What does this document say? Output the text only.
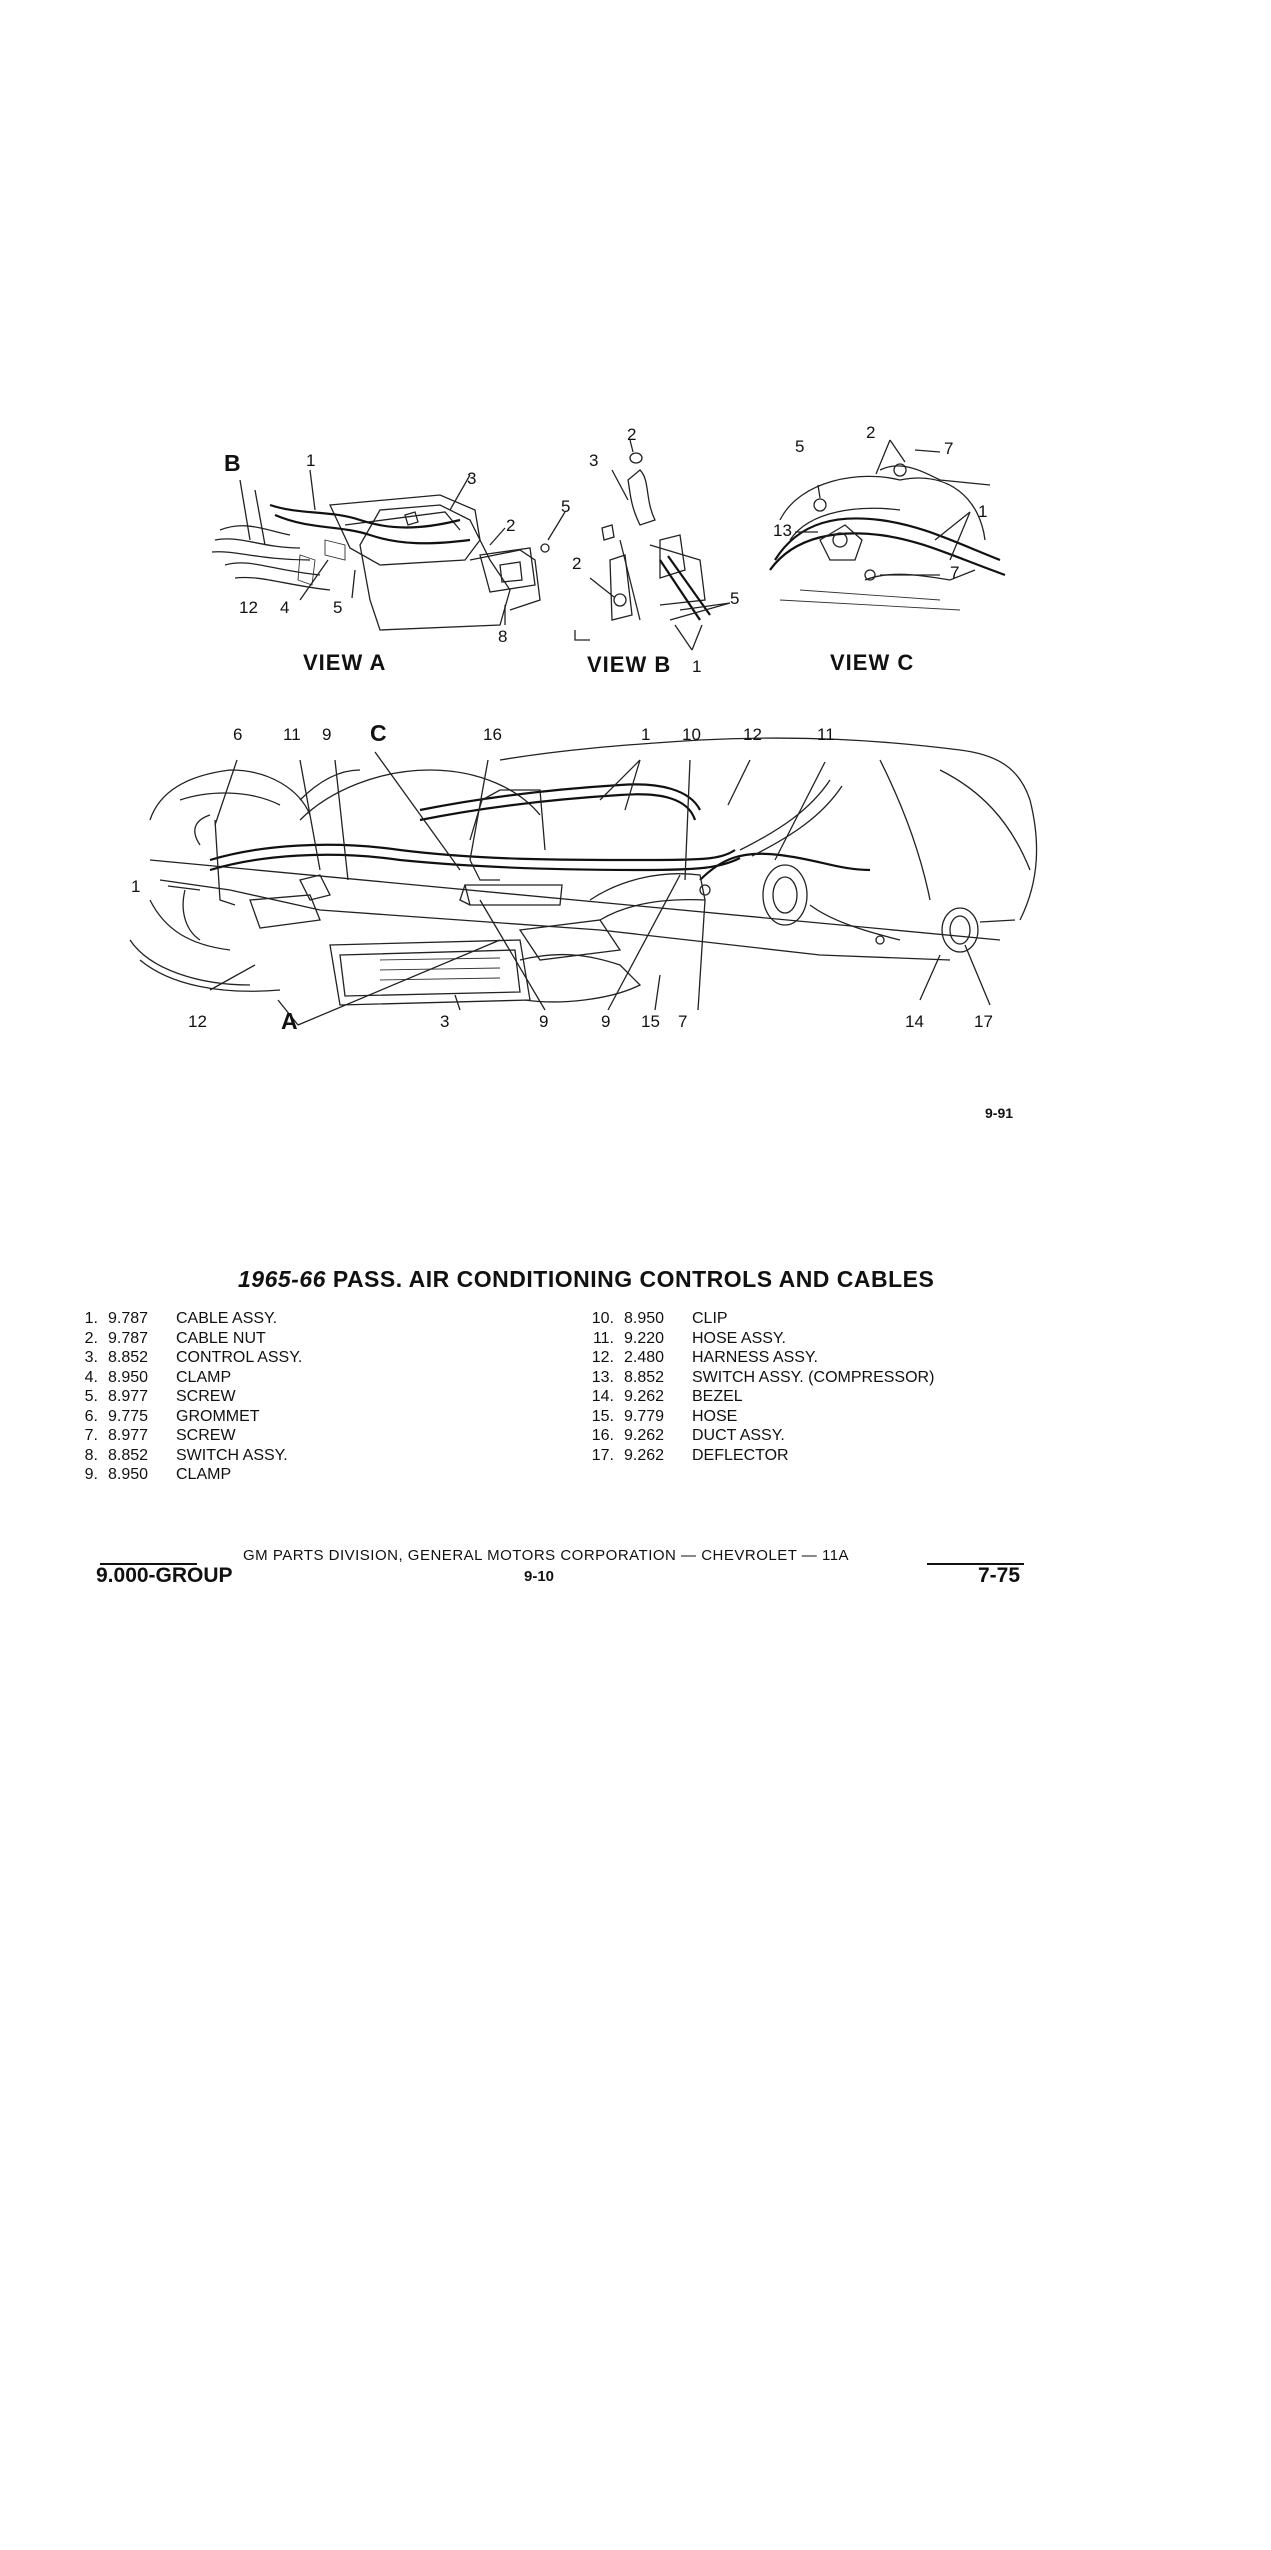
B	1
3
2
5
12 4	5
8
VIEW A
2
3
2
5
1
VIEW B
5
2
7
13
1
7
VIEW C
6 11 9 C	16	1 10 12	11
1
12	A	3	9	9 15 7	14	17
9-91
1965-66 PASS. AIR CONDITIONING CONTROLS AND CABLES
1. 9.787	CABLE ASSY.
2. 9.787	CABLE NUT
3. 8.852	CONTROL ASSY.
4. 8.950	CLAMP
5. 8.977	SCREW
6. 9.775	GROMMET
7. 8.977	SCREW
8. 8.852	SWITCH ASSY.
9. 8.950	CLAMP
10. 8.950	CLIP
11. 9.220	HOSE ASSY.
12. 2.480	HARNESS ASSY.
13. 8.852	SWITCH ASSY. (COMPRESSOR)
14. 9.262	BEZEL
15. 9.779	HOSE
16. 9.262	DUCT ASSY.
17. 9.262	DEFLECTOR
GM PARTS DIVISION, GENERAL MOTORS CORPORATION — CHEVROLET — 11A
9.000-GROUP	9-10	7-75
